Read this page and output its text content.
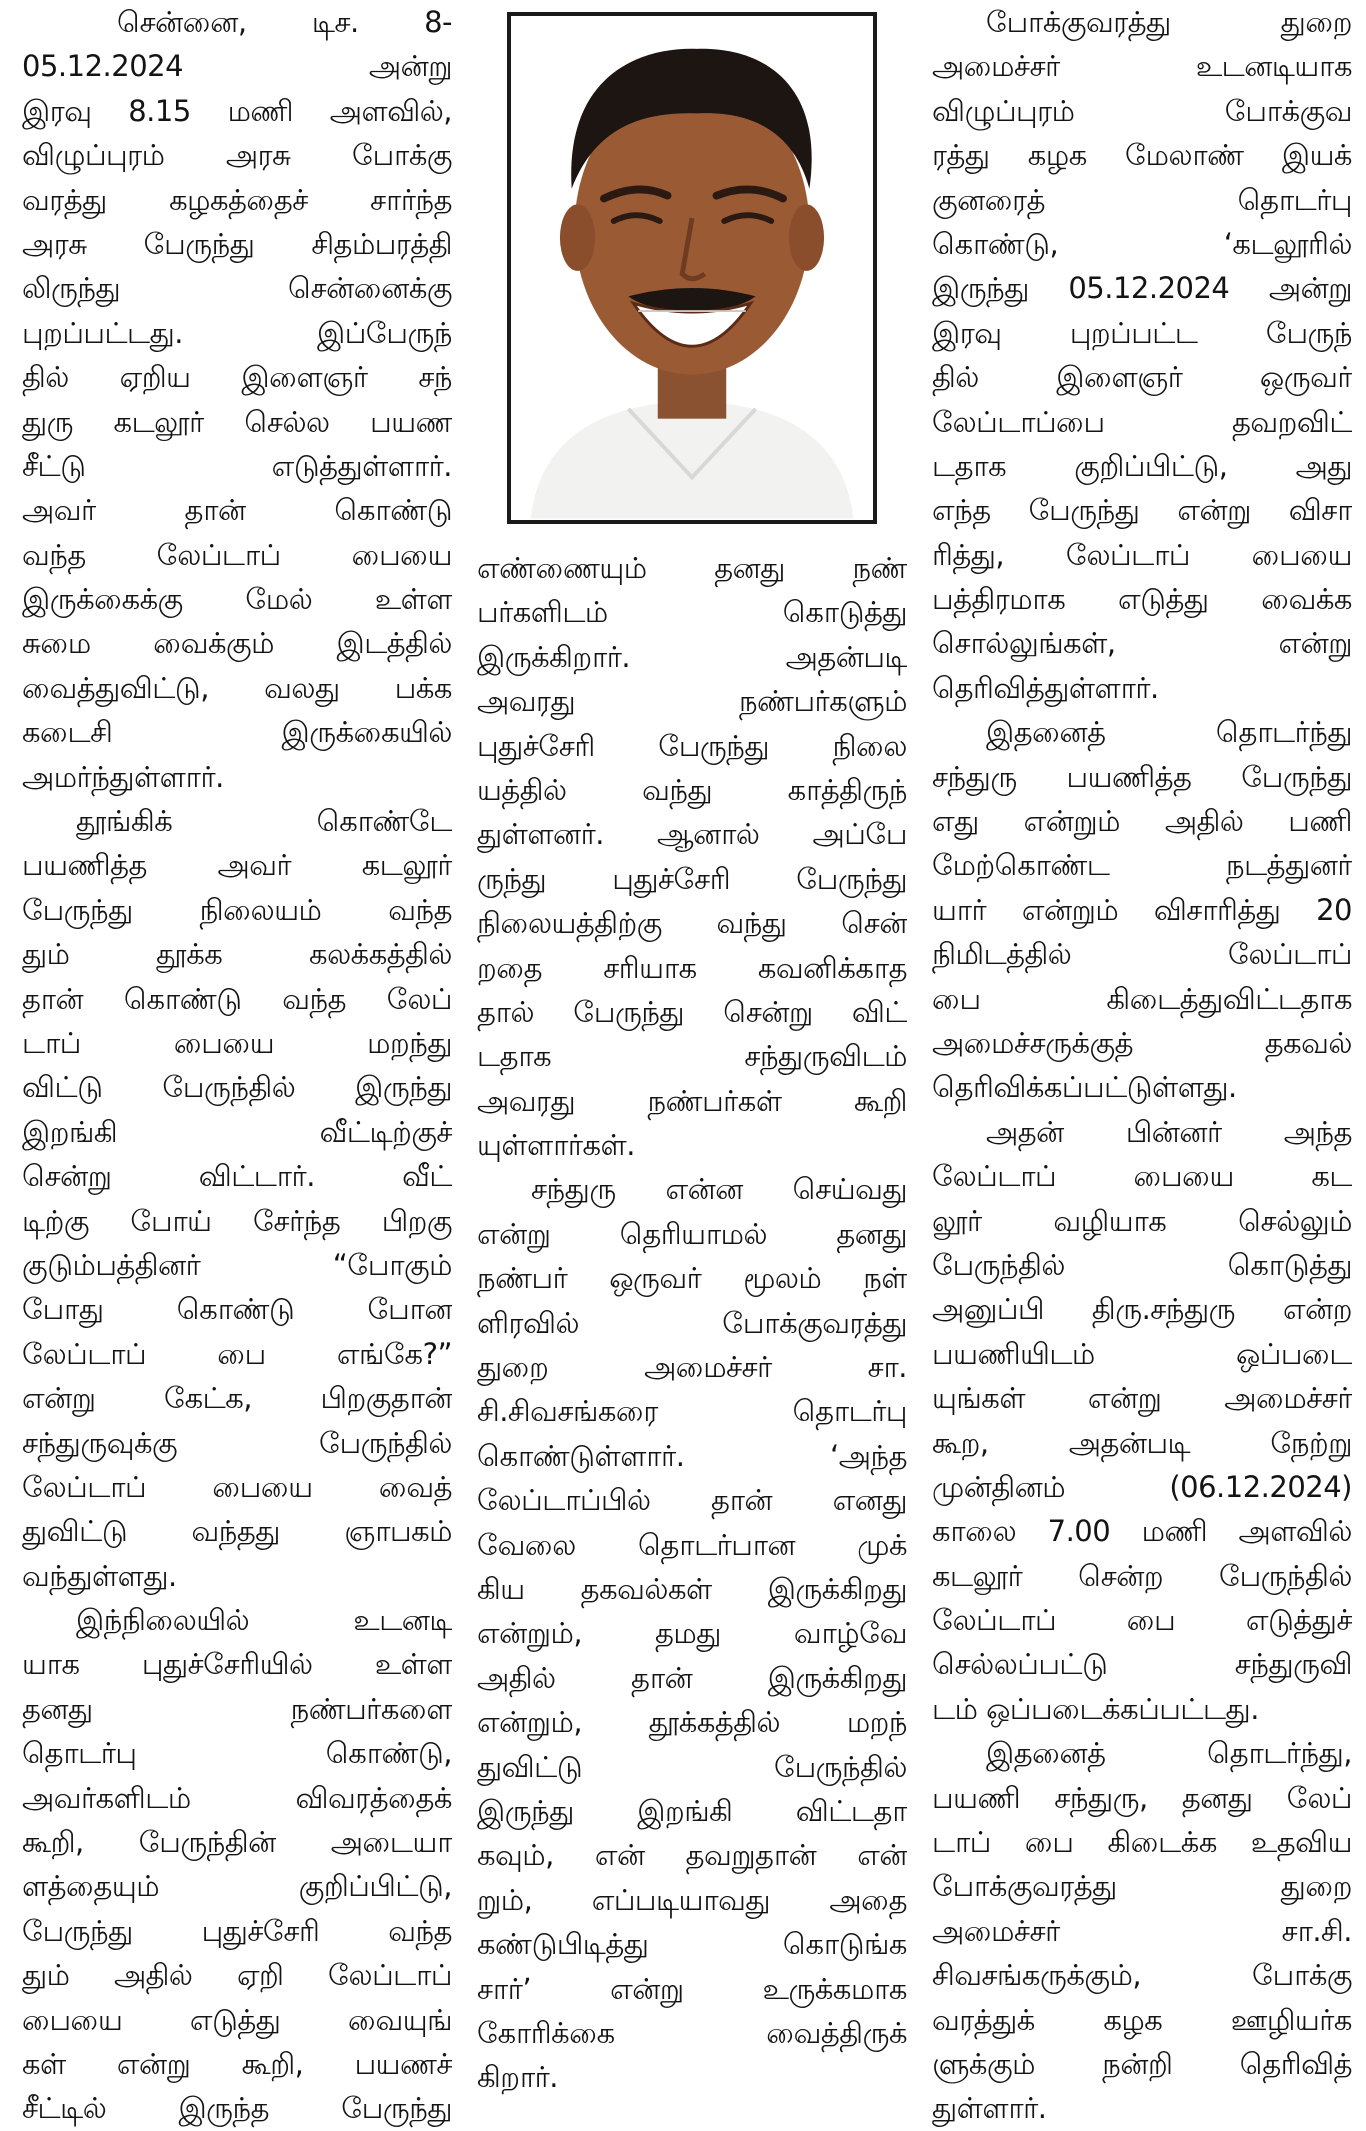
சென்னை, டிச. 8-
05.12.2024 அன்று
இரவு 8.15 மணி அளவில்,
விழுப்புரம் அரசு போக்கு
வரத்து கழகத்தைச் சார்ந்த
அரசு பேருந்து சிதம்பரத்தி
லிருந்து சென்னைக்கு
புறப்பட்டது. இப்பேருந்
தில் ஏறிய இளைஞர் சந்
துரு கடலூர் செல்ல பயண
சீட்டு எடுத்துள்ளார்.
அவர் தான் கொண்டு
வந்த லேப்டாப் பையை
இருக்கைக்கு மேல் உள்ள
சுமை வைக்கும் இடத்தில்
வைத்துவிட்டு, வலது பக்க
கடைசி இருக்கையில்
அமர்ந்துள்ளார்.
தூங்கிக் கொண்டே
பயணித்த அவர் கடலூர்
பேருந்து நிலையம் வந்த
தும் தூக்க கலக்கத்தில்
தான் கொண்டு வந்த லேப்
டாப் பையை மறந்து
விட்டு பேருந்தில் இருந்து
இறங்கி வீட்டிற்குச்
சென்று விட்டார். வீட்
டிற்கு போய் சேர்ந்த பிறகு
குடும்பத்தினர் “போகும்
போது கொண்டு போன
லேப்டாப் பை எங்கே?”
என்று கேட்க, பிறகுதான்
சந்துருவுக்கு பேருந்தில்
லேப்டாப் பையை வைத்
துவிட்டு வந்தது ஞாபகம்
வந்துள்ளது.
இந்நிலையில் உடனடி
யாக புதுச்சேரியில் உள்ள
தனது நண்பர்களை
தொடர்பு கொண்டு,
அவர்களிடம் விவரத்தைக்
கூறி, பேருந்தின் அடையா
ளத்தையும் குறிப்பிட்டு,
பேருந்து புதுச்சேரி வந்த
தும் அதில் ஏறி லேப்டாப்
பையை எடுத்து வையுங்
கள் என்று கூறி, பயணச்
சீட்டில் இருந்த பேருந்து
எண்ணையும் தனது நண்
பர்களிடம் கொடுத்து
இருக்கிறார். அதன்படி
அவரது நண்பர்களும்
புதுச்சேரி பேருந்து நிலை
யத்தில் வந்து காத்திருந்
துள்ளனர். ஆனால் அப்பே
ருந்து புதுச்சேரி பேருந்து
நிலையத்திற்கு வந்து சென்
றதை சரியாக கவனிக்காத
தால் பேருந்து சென்று விட்
டதாக சந்துருவிடம்
அவரது நண்பர்கள் கூறி
யுள்ளார்கள்.
சந்துரு என்ன செய்வது
என்று தெரியாமல் தனது
நண்பர் ஒருவர் மூலம் நள்
ளிரவில் போக்குவரத்து
துறை அமைச்சர் சா.
சி.சிவசங்கரை தொடர்பு
கொண்டுள்ளார். ‘அந்த
லேப்டாப்பில் தான் எனது
வேலை தொடர்பான முக்
கிய தகவல்கள் இருக்கிறது
என்றும், தமது வாழ்வே
அதில் தான் இருக்கிறது
என்றும், தூக்கத்தில் மறந்
துவிட்டு பேருந்தில்
இருந்து இறங்கி விட்டதா
கவும், என் தவறுதான் என்
றும், எப்படியாவது அதை
கண்டுபிடித்து கொடுங்க
சார்’ என்று உருக்கமாக
கோரிக்கை வைத்திருக்
கிறார்.
போக்குவரத்து துறை
அமைச்சர் உடனடியாக
விழுப்புரம் போக்குவ
ரத்து கழக மேலாண் இயக்
குனரைத் தொடர்பு
கொண்டு, ‘கடலூரில்
இருந்து 05.12.2024 அன்று
இரவு புறப்பட்ட பேருந்
தில் இளைஞர் ஒருவர்
லேப்டாப்பை தவறவிட்
டதாக குறிப்பிட்டு, அது
எந்த பேருந்து என்று விசா
ரித்து, லேப்டாப் பையை
பத்திரமாக எடுத்து வைக்க
சொல்லுங்கள், என்று
தெரிவித்துள்ளார்.
இதனைத் தொடர்ந்து
சந்துரு பயணித்த பேருந்து
எது என்றும் அதில் பணி
மேற்கொண்ட நடத்துனர்
யார் என்றும் விசாரித்து 20
நிமிடத்தில் லேப்டாப்
பை கிடைத்துவிட்டதாக
அமைச்சருக்குத் தகவல்
தெரிவிக்கப்பட்டுள்ளது.
அதன் பின்னர் அந்த
லேப்டாப் பையை கட
லூர் வழியாக செல்லும்
பேருந்தில் கொடுத்து
அனுப்பி திரு.சந்துரு என்ற
பயணியிடம் ஒப்படை
யுங்கள் என்று அமைச்சர்
கூற, அதன்படி நேற்று
முன்தினம் (06.12.2024)
காலை 7.00 மணி அளவில்
கடலூர் சென்ற பேருந்தில்
லேப்டாப் பை எடுத்துச்
செல்லப்பட்டு சந்துருவி
டம் ஒப்படைக்கப்பட்டது.
இதனைத் தொடர்ந்து,
பயணி சந்துரு, தனது லேப்
டாப் பை கிடைக்க உதவிய
போக்குவரத்து துறை
அமைச்சர் சா.சி.
சிவசங்கருக்கும், போக்கு
வரத்துக் கழக ஊழியர்க
ளுக்கும் நன்றி தெரிவித்
துள்ளார்.
